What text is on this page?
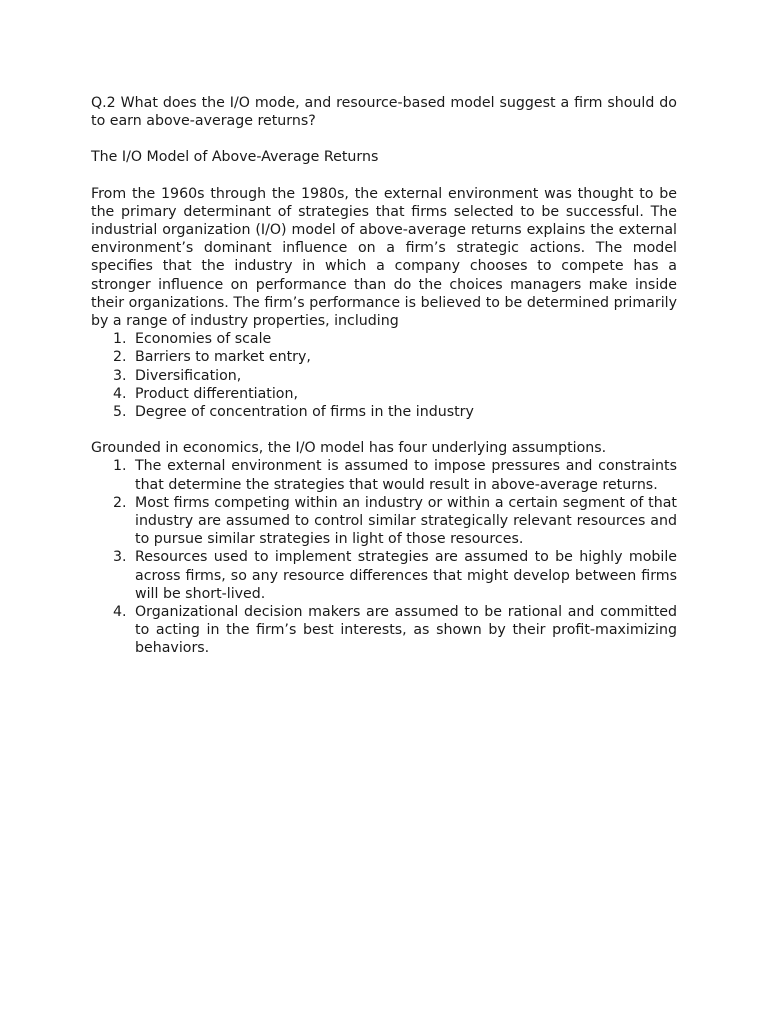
Q.2 What does the I/O mode, and resource-based model suggest a firm should do to earn above-average returns?

The I/O Model of Above-Average Returns

From the 1960s through the 1980s, the external environment was thought to be the primary determinant of strategies that firms selected to be successful. The industrial organization (I/O) model of above-average returns explains the external environment’s dominant influence on a firm’s strategic actions. The model specifies that the industry in which a company chooses to compete has a stronger influence on performance than do the choices managers make inside their organizations. The firm’s performance is believed to be determined primarily by a range of industry properties, including

1. Economies of scale
2. Barriers to market entry,
3. Diversification,
4. Product differentiation,
5. Degree of concentration of firms in the industry

Grounded in economics, the I/O model has four underlying assumptions.

1. The external environment is assumed to impose pressures and constraints that determine the strategies that would result in above-average returns.
2. Most firms competing within an industry or within a certain segment of that industry are assumed to control similar strategically relevant resources and to pursue similar strategies in light of those resources.
3. Resources used to implement strategies are assumed to be highly mobile across firms, so any resource differences that might develop between firms will be short-lived.
4. Organizational decision makers are assumed to be rational and committed to acting in the firm’s best interests, as shown by their profit-maximizing behaviors.
